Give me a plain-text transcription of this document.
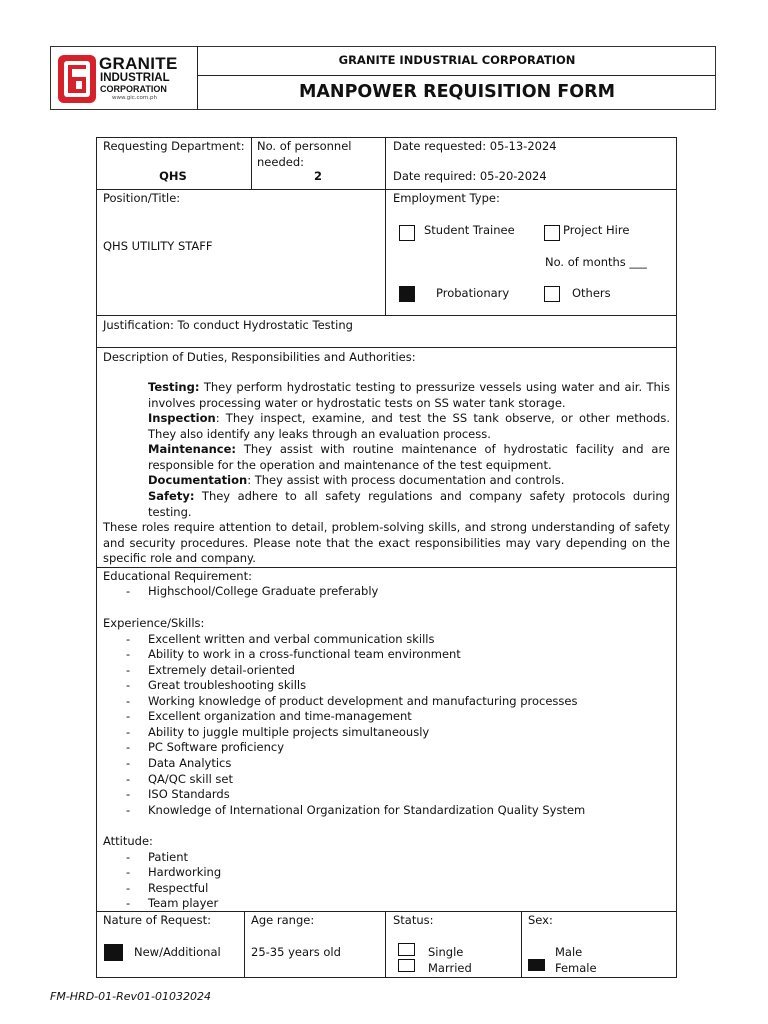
GRANITE
INDUSTRIAL
CORPORATION
www.gic.com.ph
GRANITE INDUSTRIAL CORPORATION
MANPOWER REQUISITION FORM
Requesting Department:
QHS
No. of personnel needed:
2
Date requested: 05-13-2024
Date required: 05-20-2024
Position/Title:
QHS UTILITY STAFF
Employment Type:
Student Trainee	Project Hire
No. of months ___
Probationary	Others
Justification: To conduct Hydrostatic Testing
Description of Duties, Responsibilities and Authorities:
Testing: They perform hydrostatic testing to pressurize vessels using water and air. This involves processing water or hydrostatic tests on SS water tank storage.
Inspection: They inspect, examine, and test the SS tank observe, or other methods. They also identify any leaks through an evaluation process.
Maintenance: They assist with routine maintenance of hydrostatic facility and are responsible for the operation and maintenance of the test equipment.
Documentation: They assist with process documentation and controls.
Safety: They adhere to all safety regulations and company safety protocols during testing.
These roles require attention to detail, problem-solving skills, and strong understanding of safety and security procedures. Please note that the exact responsibilities may vary depending on the specific role and company.
Educational Requirement:
- Highschool/College Graduate preferably
Experience/Skills:
- Excellent written and verbal communication skills
- Ability to work in a cross-functional team environment
- Extremely detail-oriented
- Great troubleshooting skills
- Working knowledge of product development and manufacturing processes
- Excellent organization and time-management
- Ability to juggle multiple projects simultaneously
- PC Software proficiency
- Data Analytics
- QA/QC skill set
- ISO Standards
- Knowledge of International Organization for Standardization Quality System
Attitude:
- Patient
- Hardworking
- Respectful
- Team player
Nature of Request:
New/Additional
Age range:
25-35 years old
Status:
Single
Married
Sex:
Male
Female
FM-HRD-01-Rev01-01032024
